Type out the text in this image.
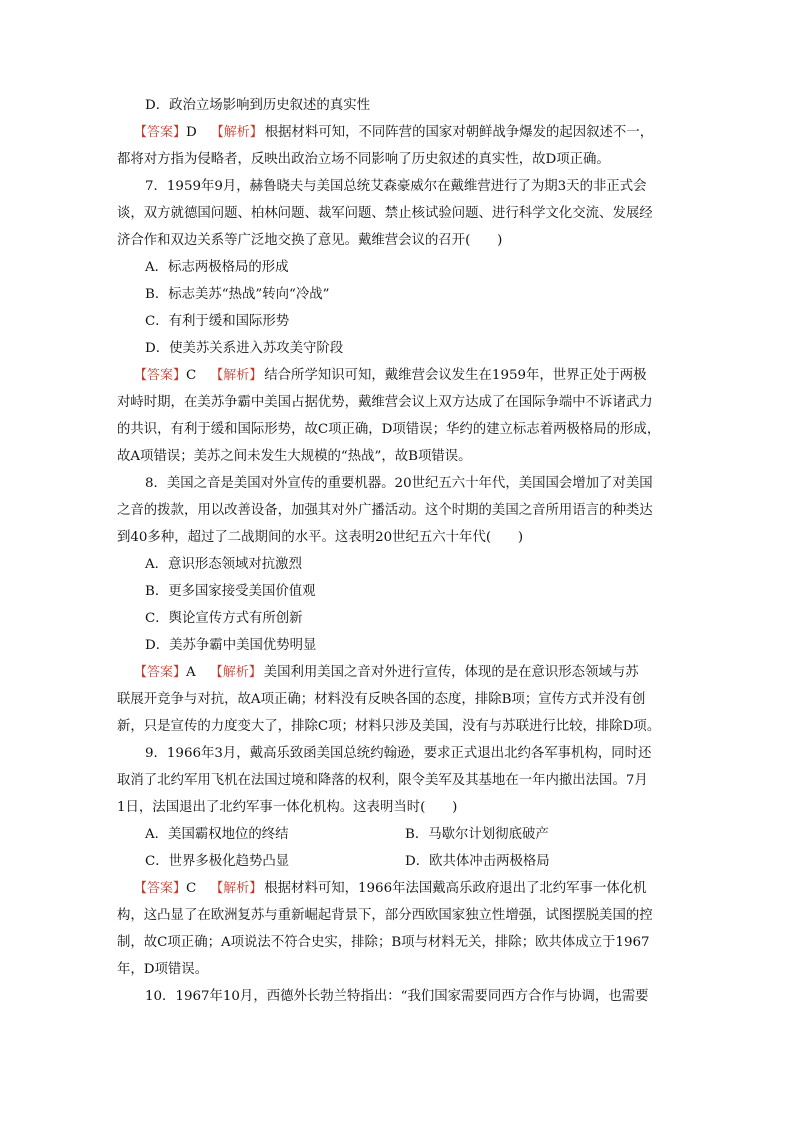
D．政治立场影响到历史叙述的真实性
【答案】D 【解析】 根据材料可知，不同阵营的国家对朝鲜战争爆发的起因叙述不一，
都将对方指为侵略者，反映出政治立场不同影响了历史叙述的真实性，故D项正确。
7．1959年9月，赫鲁晓夫与美国总统艾森豪威尔在戴维营进行了为期3天的非正式会
谈，双方就德国问题、柏林问题、裁军问题、禁止核试验问题、进行科学文化交流、发展经
济合作和双边关系等广泛地交换了意见。戴维营会议的召开(　　)
A．标志两极格局的形成
B．标志美苏“热战”转向“冷战”
C．有利于缓和国际形势
D．使美苏关系进入苏攻美守阶段
【答案】C 【解析】 结合所学知识可知，戴维营会议发生在1959年，世界正处于两极
对峙时期，在美苏争霸中美国占据优势，戴维营会议上双方达成了在国际争端中不诉诸武力
的共识，有利于缓和国际形势，故C项正确，D项错误；华约的建立标志着两极格局的形成，
故A项错误；美苏之间未发生大规模的“热战”，故B项错误。
8．美国之音是美国对外宣传的重要机器。20世纪五六十年代，美国国会增加了对美国
之音的拨款，用以改善设备，加强其对外广播活动。这个时期的美国之音所用语言的种类达
到40多种，超过了二战期间的水平。这表明20世纪五六十年代(　　)
A．意识形态领域对抗激烈
B．更多国家接受美国价值观
C．舆论宣传方式有所创新
D．美苏争霸中美国优势明显
【答案】A 【解析】 美国利用美国之音对外进行宣传，体现的是在意识形态领域与苏
联展开竞争与对抗，故A项正确；材料没有反映各国的态度，排除B项；宣传方式并没有创
新，只是宣传的力度变大了，排除C项；材料只涉及美国，没有与苏联进行比较，排除D项。
9．1966年3月，戴高乐致函美国总统约翰逊，要求正式退出北约各军事机构，同时还
取消了北约军用飞机在法国过境和降落的权利，限令美军及其基地在一年内撤出法国。7月
1日，法国退出了北约军事一体化机构。这表明当时(　　)
A．美国霸权地位的终结	B．马歇尔计划彻底破产
C．世界多极化趋势凸显	D．欧共体冲击两极格局
【答案】C 【解析】 根据材料可知，1966年法国戴高乐政府退出了北约军事一体化机
构，这凸显了在欧洲复苏与重新崛起背景下，部分西欧国家独立性增强，试图摆脱美国的控
制，故C项正确；A项说法不符合史实，排除；B项与材料无关，排除；欧共体成立于1967
年，D项错误。
10．1967年10月，西德外长勃兰特指出：“我们国家需要同西方合作与协调，也需要
